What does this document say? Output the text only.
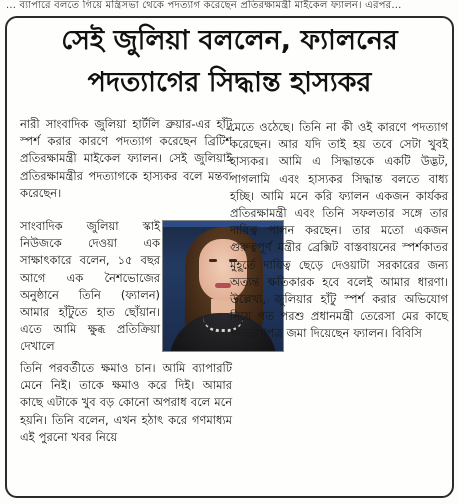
... ব্যাপারে বলতে গিয়ে মন্ত্রিসভা থেকে পদত্যাগ করেছেন প্রতিরক্ষামন্ত্রী মাইকেল ফ্যালন। এরপর...
সেই জুলিয়া বললেন, ফ্যালনের
পদত্যাগের সিদ্ধান্ত হাস্যকর

নারী সাংবাদিক জুলিয়া হার্টলি ব্রুয়ার-এর হাঁটু স্পর্শ করার কারণে পদত্যাগ করেছেন ব্রিটিশ প্রতিরক্ষামন্ত্রী মাইকেল ফ্যালন। সেই জুলিয়াই প্রতিরক্ষামন্ত্রীর পদত্যাগকে হাস্যকর বলে মন্তব্য করেছেন।

সাংবাদিক জুলিয়া স্কাই নিউজকে দেওয়া এক সাক্ষাৎকারে বলেন, ১৫ বছর আগে এক নৈশভোজের অনুষ্ঠানে তিনি (ফ্যালন) আমার হাঁটুতে হাত ছোঁয়ান। এতে আমি ক্ষুব্ধ প্রতিক্রিয়া দেখালে

তিনি পরবর্তীতে ক্ষমাও চান। আমি ব্যাপারটি মেনে নিই। তাকে ক্ষমাও করে দিই। আমার কাছে এটাকে খুব বড় কোনো অপরাধ বলে মনে হয়নি। তিনি বলেন, এখন হঠাৎ করে গণমাধ্যম এই পুরনো খবর নিয়ে

মেতে ওঠেছে। তিনি না কী ওই কারণে পদত্যাগ করেছেন। আর যদি তাই হয় তবে সেটা খুবই হাস্যকর। আমি এ সিদ্ধান্তকে একটি উদ্ভট, পাগলামি এবং হাস্যকর সিদ্ধান্ত বলতে বাধ্য হচ্ছি। আমি মনে করি ফ্যালন একজন কার্যকর প্রতিরক্ষামন্ত্রী এবং তিনি সফলতার সঙ্গে তার দায়িত্ব পালন করছেন। তার মতো একজন গুরুত্বপূর্ণ মন্ত্রীর ব্রেক্সিট বাস্তবায়নের স্পর্শকাতর মুহূর্তে দায়িত্ব ছেড়ে দেওয়াটা সরকারের জন্য অত্যন্ত ক্ষতিকারক হবে বলেই আমার ধারণা। উল্লেখ্য, জুলিয়ার হাঁটু স্পর্শ করার অভিযোগ নিয়ে গত পরশু প্রধানমন্ত্রী তেরেসা মের কাছে পদত্যাগপত্র জমা দিয়েছেন ফ্যালন। বিবিসি
